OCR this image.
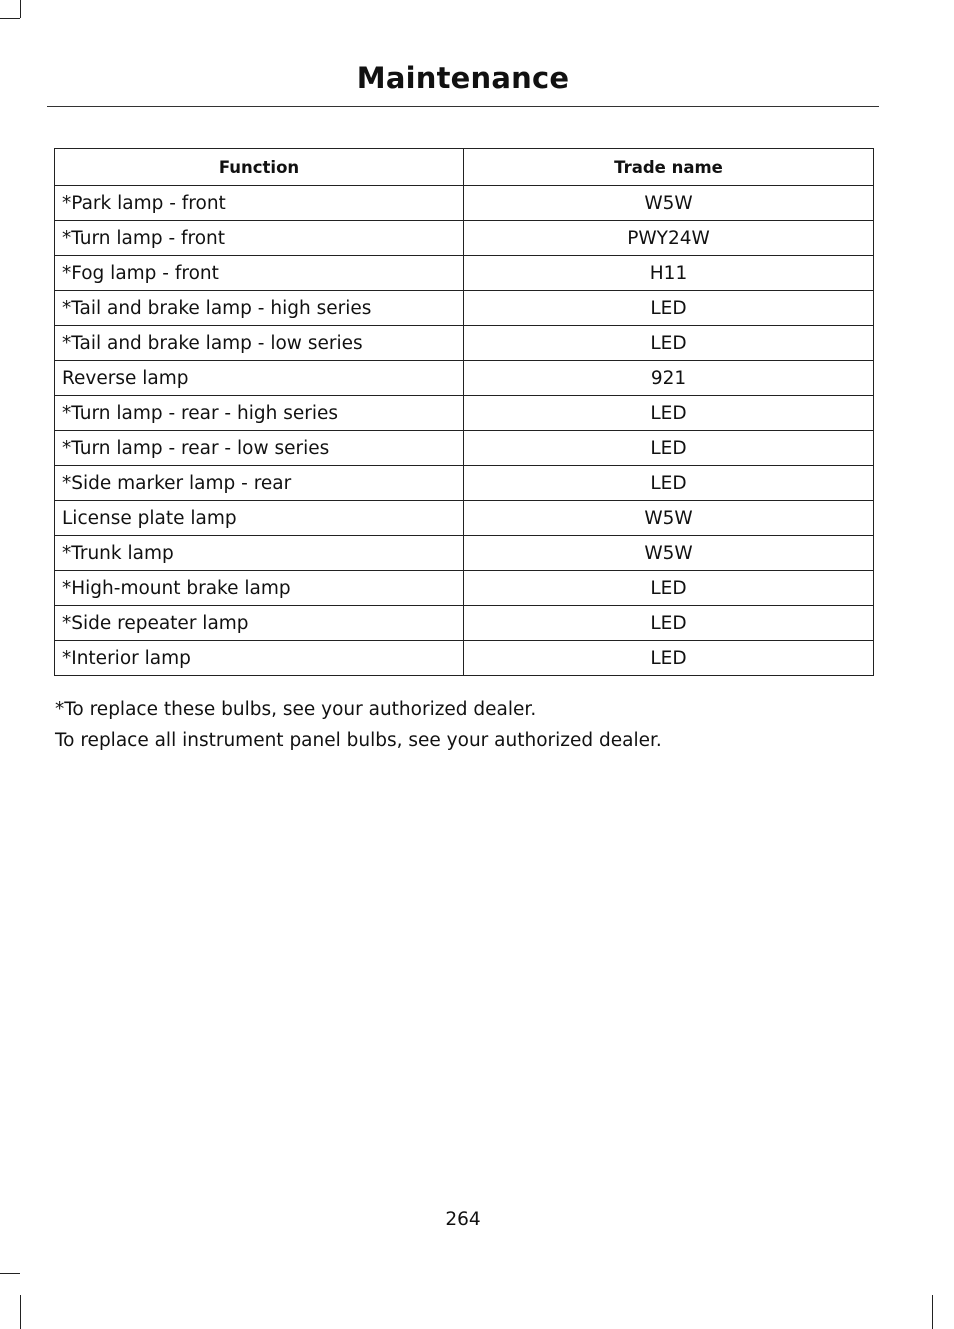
Maintenance
Function	Trade name
*Park lamp - front	W5W
*Turn lamp - front	PWY24W
*Fog lamp - front	H11
*Tail and brake lamp - high series	LED
*Tail and brake lamp - low series	LED
Reverse lamp	921
*Turn lamp - rear - high series	LED
*Turn lamp - rear - low series	LED
*Side marker lamp - rear	LED
License plate lamp	W5W
*Trunk lamp	W5W
*High-mount brake lamp	LED
*Side repeater lamp	LED
*Interior lamp	LED
*To replace these bulbs, see your authorized dealer.
To replace all instrument panel bulbs, see your authorized dealer.
264
